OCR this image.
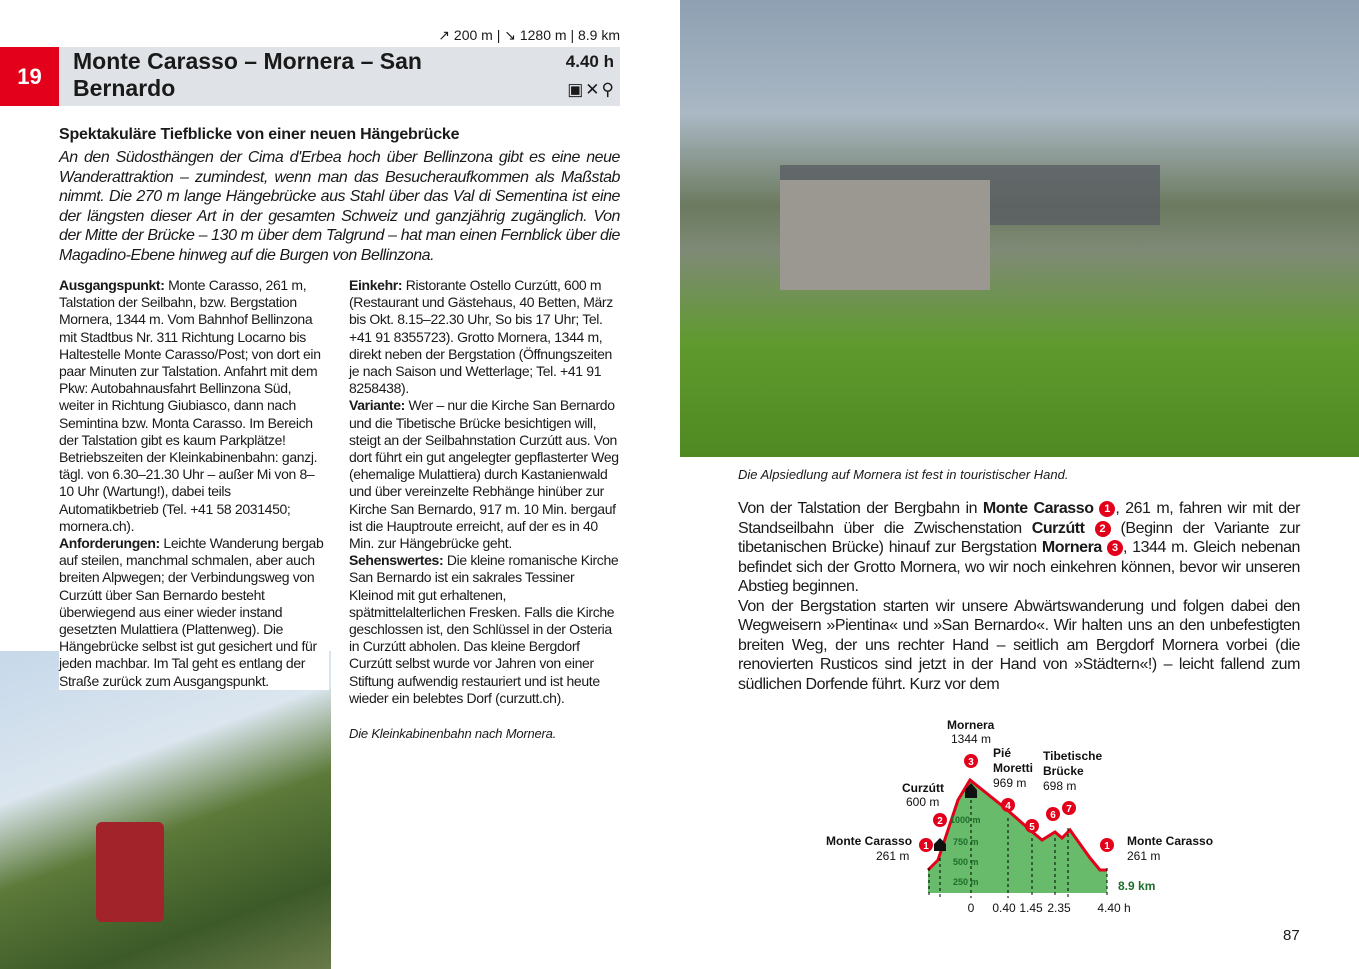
↗ 200 m | ↘ 1280 m | 8.9 km
19
Monte Carasso – Mornera – San Bernardo
4.40 h
▣✕⚲
Spektakuläre Tiefblicke von einer neuen Hängebrücke
An den Südosthängen der Cima d'Erbea hoch über Bellinzona gibt es eine neue Wanderattraktion – zumindest, wenn man das Besucheraufkommen als Maßstab nimmt. Die 270 m lange Hängebrücke aus Stahl über das Val di Sementina ist eine der längsten dieser Art in der gesamten Schweiz und ganzjährig zugänglich. Von der Mitte der Brücke – 130 m über dem Talgrund – hat man einen Fernblick über die Magadino-Ebene hinweg auf die Burgen von Bellinzona.
Ausgangspunkt: Monte Carasso, 261 m, Talstation der Seilbahn, bzw. Bergstation Mornera, 1344 m. Vom Bahnhof Bellinzona mit Stadtbus Nr. 311 Richtung Locarno bis Haltestelle Monte Carasso/Post; von dort ein paar Minuten zur Talstation. Anfahrt mit dem Pkw: Autobahnausfahrt Bellinzona Süd, weiter in Richtung Giubiasco, dann nach Semintina bzw. Monta Carasso. Im Bereich der Talstation gibt es kaum Parkplätze! Betriebszeiten der Kleinkabinenbahn: ganzj. tägl. von 6.30–21.30 Uhr – außer Mi von 8–10 Uhr (Wartung!), dabei teils Automatikbetrieb (Tel. +41 58 2031450; mornera.ch).
Anforderungen: Leichte Wanderung bergab auf steilen, manchmal schmalen, aber auch breiten Alpwegen; der Verbindungsweg von Curzútt über San Bernardo besteht überwiegend aus einer wieder instand gesetzten Mulattiera (Plattenweg). Die Hängebrücke selbst ist gut gesichert und für jeden machbar. Im Tal geht es entlang der Straße zurück zum Ausgangspunkt.
Einkehr: Ristorante Ostello Curzútt, 600 m (Restaurant und Gästehaus, 40 Betten, März bis Okt. 8.15–22.30 Uhr, So bis 17 Uhr; Tel. +41 91 8355723). Grotto Mornera, 1344 m, direkt neben der Bergstation (Öffnungszeiten je nach Saison und Wetterlage; Tel. +41 91 8258438).
Variante: Wer – nur die Kirche San Bernardo und die Tibetische Brücke besichtigen will, steigt an der Seilbahnstation Curzútt aus. Von dort führt ein gut angelegter gepflasterter Weg (ehemalige Mulattiera) durch Kastanienwald und über vereinzelte Rebhänge hinüber zur Kirche San Bernardo, 917 m. 10 Min. bergauf ist die Hauptroute erreicht, auf der es in 40 Min. zur Hängebrücke geht.
Sehenswertes: Die kleine romanische Kirche San Bernardo ist ein sakrales Tessiner Kleinod mit gut erhaltenen, spätmittelalterlichen Fresken. Falls die Kirche geschlossen ist, den Schlüssel in der Osteria in Curzútt abholen. Das kleine Bergdorf Curzútt selbst wurde vor Jahren von einer Stiftung aufwendig restauriert und ist heute wieder ein belebtes Dorf (curzutt.ch).
Die Kleinkabinenbahn nach Mornera.
Die Alpsiedlung auf Mornera ist fest in touristischer Hand.
Von der Talstation der Bergbahn in Monte Carasso 1 , 261 m, fahren wir mit der Standseilbahn über die Zwischenstation Curzútt 2 (Beginn der Variante zur tibetanischen Brücke) hinauf zur Bergstation Mornera 3 , 1344 m. Gleich nebenan befindet sich der Grotto Mornera, wo wir noch einkehren können, bevor wir unseren Abstieg beginnen.
Von der Bergstation starten wir unsere Abwärtswanderung und folgen dabei den Wegweisern »Pientina« und »San Bernardo«. Wir halten uns an den unbefestigten breiten Weg, der uns rechter Hand – seitlich am Bergdorf Mornera vorbei (die renovierten Rusticos sind jetzt in der Hand von »Städtern«!) – leicht fallend zum südlichen Dorfende führt. Kurz vor dem
250 m
500 m
750 m
1000 m
8.9 km
0 0.40 1.45 2.35 4.40 h
Monte Carasso
Curzútt
Mornera
Pié
Moretti
Tibetische
Brücke
Monte Carasso
261 m
600 m
1344 m
969 m 698 m
261 m
1
2
3
4
5
6
7
1
87
